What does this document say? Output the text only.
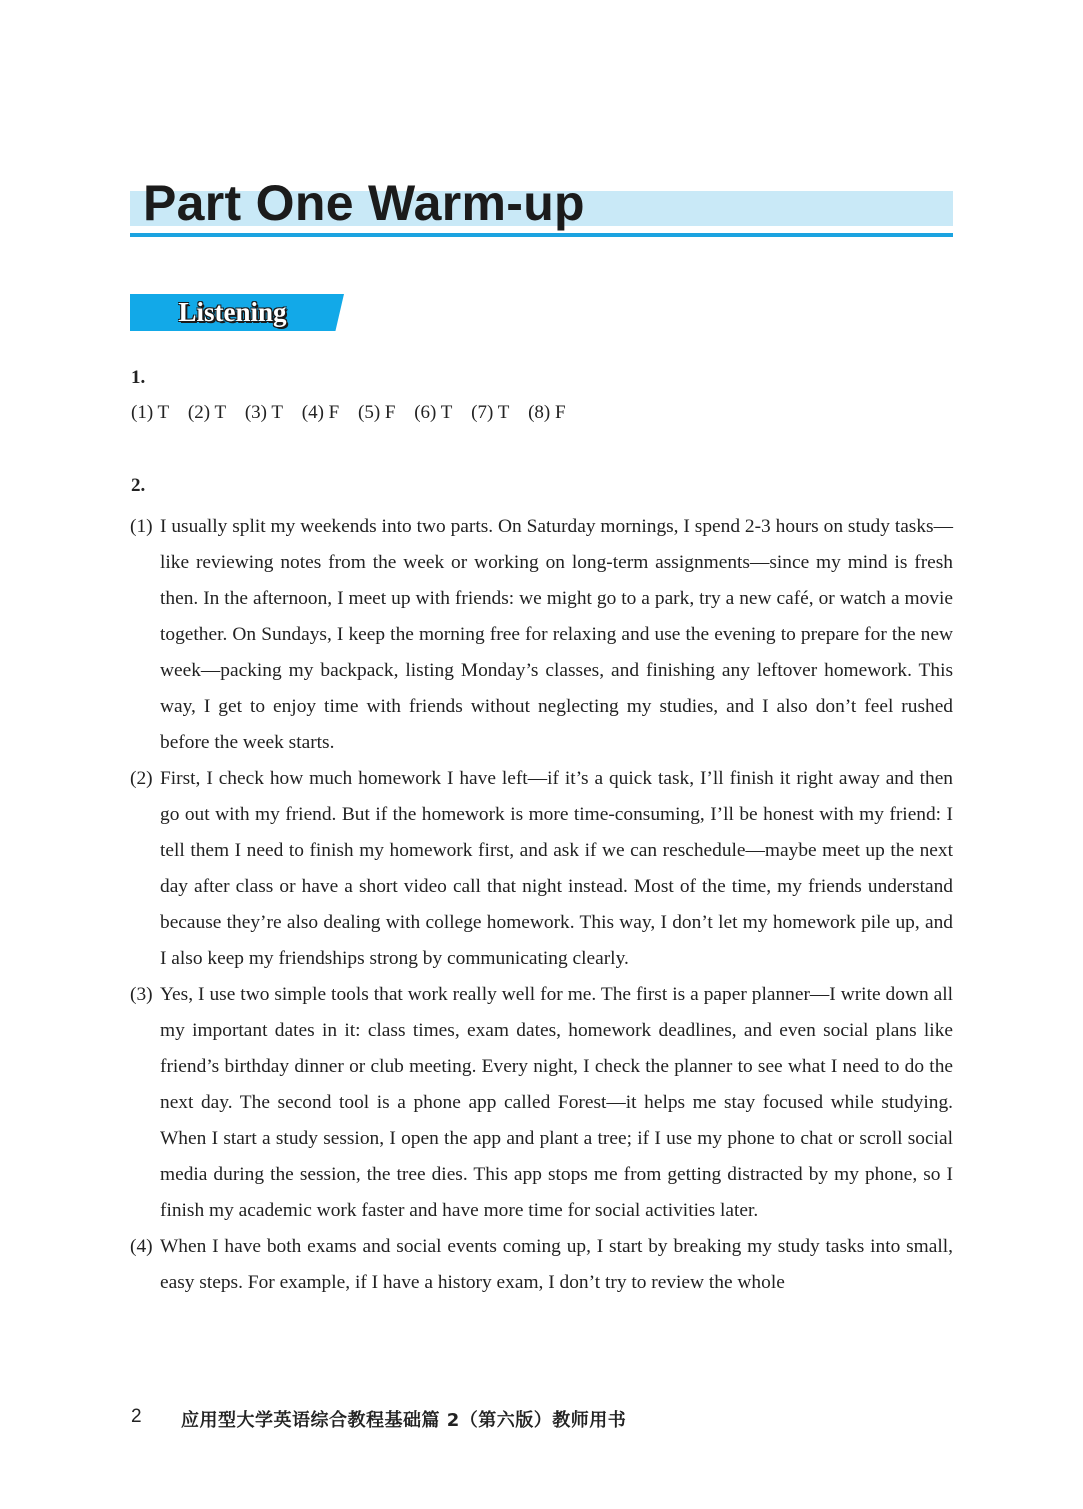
Part One Warm-up
Listening
1.
(1) T (2) T (3) T (4) F (5) F (6) T (7) T (8) F
2.

(1) I usually split my weekends into two parts. On Saturday mornings, I spend 2-3 hours on study tasks—like reviewing notes from the week or working on long-term assignments—since my mind is fresh then. In the afternoon, I meet up with friends: we might go to a park, try a new café, or watch a movie together. On Sundays, I keep the morning free for relaxing and use the evening to prepare for the new week—packing my backpack, listing Monday’s classes, and finishing any leftover homework. This way, I get to enjoy time with friends without neglecting my studies, and I also don’t feel rushed before the week starts.

(2) First, I check how much homework I have left—if it’s a quick task, I’ll finish it right away and then go out with my friend. But if the homework is more time-consuming, I’ll be honest with my friend: I tell them I need to finish my homework first, and ask if we can reschedule—maybe meet up the next day after class or have a short video call that night instead. Most of the time, my friends understand because they’re also dealing with college homework. This way, I don’t let my homework pile up, and I also keep my friendships strong by communicating clearly.

(3) Yes, I use two simple tools that work really well for me. The first is a paper planner—I write down all my important dates in it: class times, exam dates, homework deadlines, and even social plans like friend’s birthday dinner or club meeting. Every night, I check the planner to see what I need to do the next day. The second tool is a phone app called Forest—it helps me stay focused while studying. When I start a study session, I open the app and plant a tree; if I use my phone to chat or scroll social media during the session, the tree dies. This app stops me from getting distracted by my phone, so I finish my academic work faster and have more time for social activities later.

(4) When I have both exams and social events coming up, I start by breaking my study tasks into small, easy steps. For example, if I have a history exam, I don’t try to review the whole

2 应用型大学英语综合教程基础篇 2（第六版）教师用书
